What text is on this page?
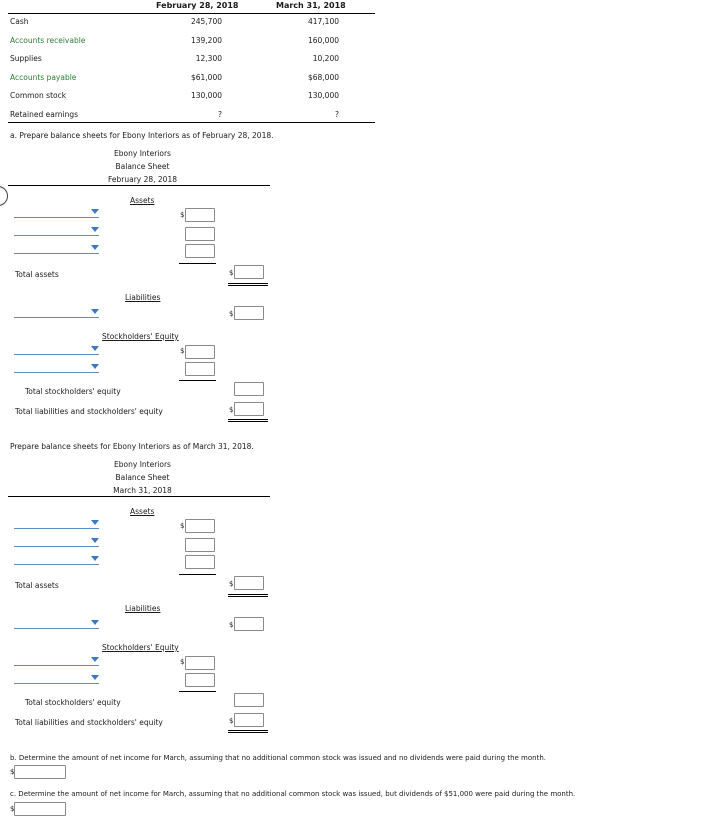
February 28, 2018	March 31, 2018
Cash	245,700	417,100
Accounts receivable	139,200	160,000
Supplies	12,300	10,200
Accounts payable	$61,000	$68,000
Common stock	130,000	130,000
Retained earnings	?	?
a. Prepare balance sheets for Ebony Interiors as of February 28, 2018.
Ebony Interiors
Balance Sheet
February 28, 2018
Assets
$
Total assets	$
Liabilities
$
Stockholders' Equity
$
Total stockholders' equity
Total liabilities and stockholders' equity	$
Prepare balance sheets for Ebony Interiors as of March 31, 2018.
Ebony Interiors
Balance Sheet
March 31, 2018
Assets
$
Total assets	$
Liabilities
$
Stockholders' Equity
$
Total stockholders' equity
Total liabilities and stockholders' equity	$
b. Determine the amount of net income for March, assuming that no additional common stock was issued and no dividends were paid during the month.
$
c. Determine the amount of net income for March, assuming that no additional common stock was issued, but dividends of $51,000 were paid during the month.
$
